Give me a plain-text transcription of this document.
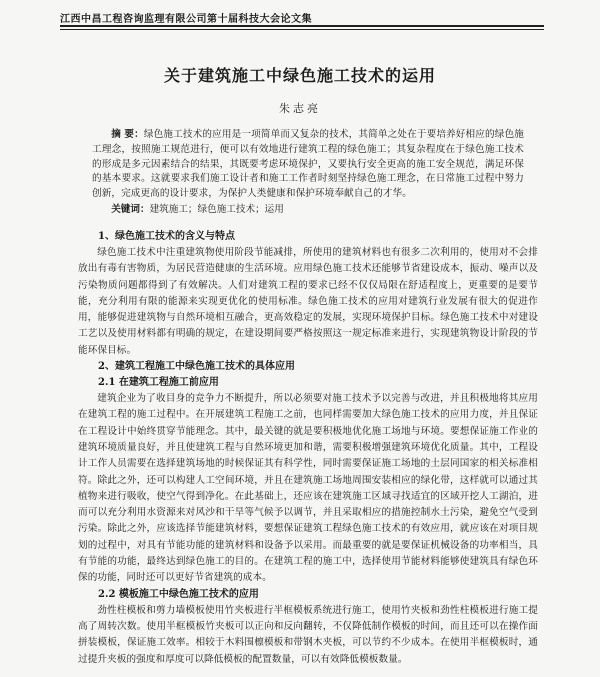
江西中昌工程咨询监理有限公司第十届科技大会论文集
关于建筑施工中绿色施工技术的运用
朱志亮

摘 要：绿色施工技术的应用是一项简单而又复杂的技术，其简单之处在于要培养好相应的绿色施工理念，按照施工规范进行，便可以有效地进行建筑工程的绿色施工；其复杂程度在于绿色施工技术的形成是多元因素结合的结果，其既要考虑环境保护，又要执行安全更高的施工安全规范，满足环保的基本要求。这就要求我们施工设计者和施工工作者时刻坚持绿色施工理念，在日常施工过程中努力创新，完成更高的设计要求，为保护人类健康和保护环境奉献自己的才华。

关键词：建筑施工；绿色施工技术；运用

1、绿色施工技术的含义与特点

绿色施工技术中注重建筑物使用阶段节能减排，所使用的建筑材料也有很多二次利用的，使用对不会排放出有毒有害物质，为居民营造健康的生活环境。应用绿色施工技术还能够节省建设成本，振动、噪声以及污染物质问题都得到了有效解决。人们对建筑工程的要求已经不仅仅局限在舒适程度上，更重要的是要节能，充分利用有限的能源来实现更优化的使用标准。绿色施工技术的应用对建筑行业发展有很大的促进作用，能够促进建筑物与自然环境相互融合，更高效稳定的发展，实现环境保护目标。绿色施工技术中对建设工艺以及使用材料都有明确的规定，在建设期间要严格按照这一规定标准来进行，实现建筑物设计阶段的节能环保目标。

2、建筑工程施工中绿色施工技术的具体应用

2.1 在建筑工程施工前应用

建筑企业为了收目身的竞争力不断提升，所以必须要对施工技术予以完善与改进，并且积极地将其应用在建筑工程的施工过程中。在开展建筑工程施工之前，也同样需要加大绿色施工技术的应用力度，并且保证在工程设计中始终贯穿节能理念。其中，最关键的就是要积极地优化施工场地与环境。要想保证施工作业的建筑环境质量良好，并且使建筑工程与自然环境更加和谐，需要积极增强建筑环境优化质量。其中，工程设计工作人员需要在选择建筑场地的时候保证其有科学性，同时需要保证施工场地的土层同国家的相关标准相符。除此之外，还可以构建人工空间环境，并且在建筑施工场地周围安装相应的绿化带，这样就可以通过其植物来进行吸收，使空气得到净化。在此基础上，还应该在建筑施工区域寻找适宜的区域开挖人工湖泊，进而可以充分利用水资源来对风沙和干旱等气候予以调节，并且采取相应的措施控制水土污染，避免空气受到污染。除此之外，应该选择节能建筑材料，要想保证建筑工程绿色施工技术的有效应用，就应该在对项目规划的过程中，对具有节能功能的建筑材料和设备予以采用。而最重要的就是要保证机械设备的功率相当，具有节能的功能，最终达到绿色施工的目的。在建筑工程的施工中，选择使用节能材料能够使建筑具有绿色环保的功能，同时还可以更好节省建筑的成本。

2.2 模板施工中绿色施工技术的应用

劲性柱模板和剪力墙模板使用竹夹板进行半框模板系统进行施工，使用竹夹板和劲性柱模板进行施工提高了周转次数。使用半框模板竹夹板可以正向和反向翻转，不仅降低制作模板的时间，而且还可以在操作面拼装模板，保证施工效率。相较于木料围檩模板和带钢木夹板，可以节约不少成本。在使用半框模板时，通过提升夹板的强度和厚度可以降低模板的配置数量，可以有效降低模板数量。
